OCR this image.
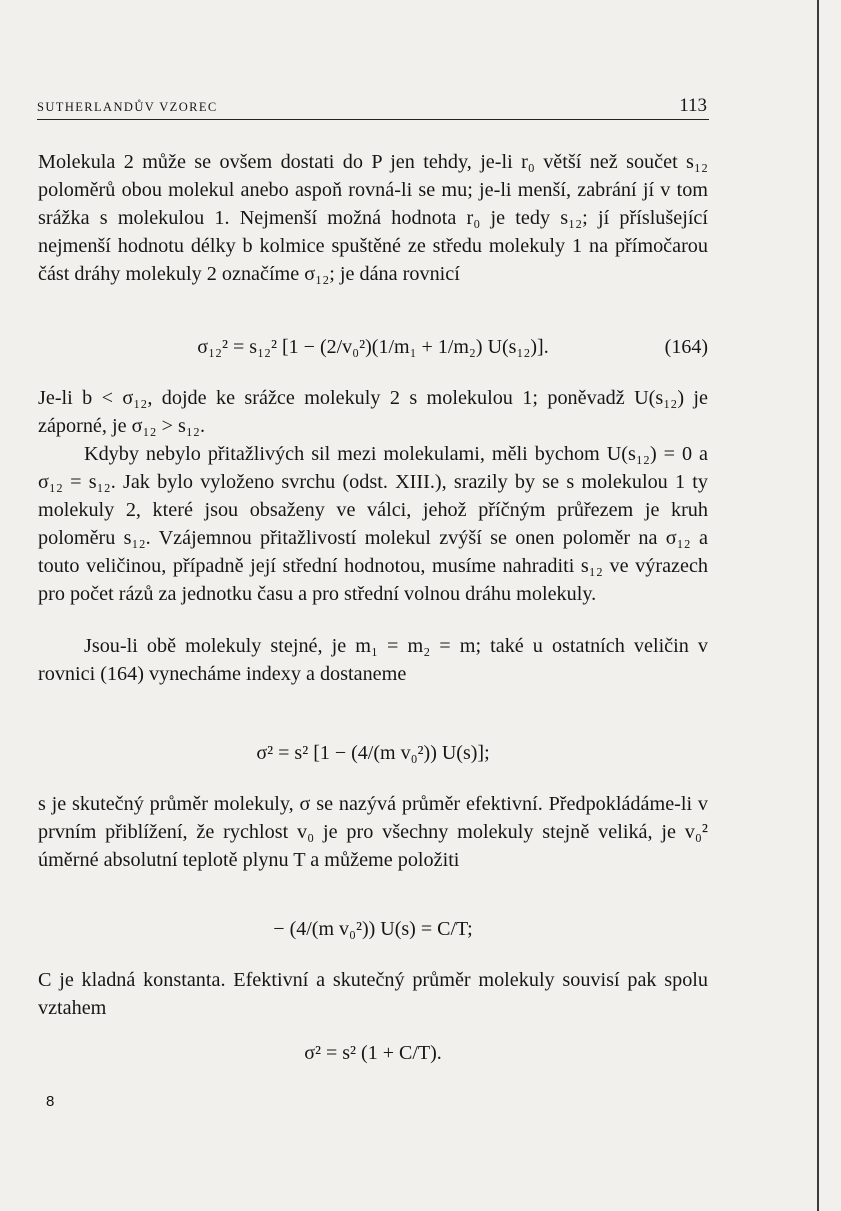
SUTHERLANDŮV VZOREC	113

Molekula 2 může se ovšem dostati do P jen tehdy, je-li r₀ větší než součet s₁₂ poloměrů obou molekul anebo aspoň rovná-li se mu; je-li menší, zabrání jí v tom srážka s molekulou 1. Nejmenší možná hodnota r₀ je tedy s₁₂; jí příslušející nejmenší hodnotu délky b kolmice spuštěné ze středu molekuly 1 na přímočarou část dráhy molekuly 2 označíme σ₁₂; je dána rovnicí

σ₁₂² = s₁₂² [1 − (2/v₀²)(1/m₁ + 1/m₂) U(s₁₂)].	(164)

Je-li b < σ₁₂, dojde ke srážce molekuly 2 s molekulou 1; poněvadž U(s₁₂) je záporné, je σ₁₂ > s₁₂.

Kdyby nebylo přitažlivých sil mezi molekulami, měli bychom U(s₁₂) = 0 a σ₁₂ = s₁₂. Jak bylo vyloženo svrchu (odst. XIII.), srazily by se s molekulou 1 ty molekuly 2, které jsou obsaženy ve válci, jehož příčným průřezem je kruh poloměru s₁₂. Vzájemnou přitažlivostí molekul zvýší se onen poloměr na σ₁₂ a touto veličinou, případně její střední hodnotou, musíme nahraditi s₁₂ ve výrazech pro počet rázů za jednotku času a pro střední volnou dráhu molekuly.

Jsou-li obě molekuly stejné, je m₁ = m₂ = m; také u ostatních veličin v rovnici (164) vynecháme indexy a dostaneme

σ² = s² [1 − (4/(m v₀²)) U(s)];

s je skutečný průměr molekuly, σ se nazývá průměr efektivní. Předpokládáme-li v prvním přiblížení, že rychlost v₀ je pro všechny molekuly stejně veliká, je v₀² úměrné absolutní teplotě plynu T a můžeme položiti

− (4/(m v₀²)) U(s) = C/T;

C je kladná konstanta. Efektivní a skutečný průměr molekuly souvisí pak spolu vztahem

σ² = s² (1 + C/T).
8
